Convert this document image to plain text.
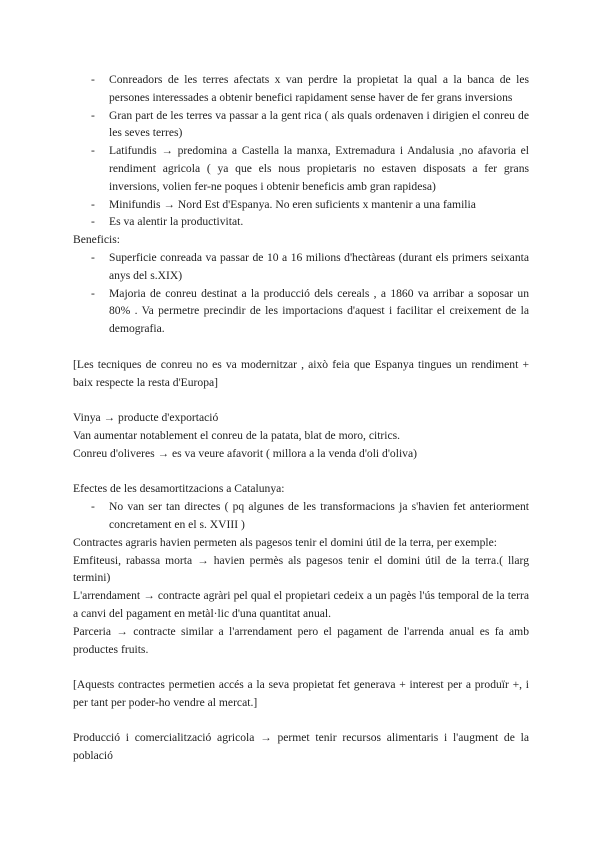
- Conreadors de les terres afectats x van perdre la propietat la qual a la banca de les persones interessades a obtenir benefici rapidament sense haver de fer grans inversions
- Gran part de les terres va passar a la gent rica ( als quals ordenaven i dirigien el conreu de les seves terres)
- Latifundis → predomina a Castella la manxa, Extremadura i Andalusia ,no afavoria el rendiment agricola ( ya que els nous propietaris no estaven disposats a fer grans inversions, volien fer-ne poques i obtenir beneficis amb gran rapidesa)
- Minifundis → Nord Est d'Espanya. No eren suficients x mantenir a una familia
- Es va alentir la productivitat.

Beneficis:

- Superficie conreada va passar de 10 a 16 milions d'hectàreas (durant els primers seixanta anys del s.XIX)
- Majoria de conreu destinat a la producció dels cereals , a 1860 va arribar a soposar un 80% . Va permetre precindir de les importacions d'aquest i facilitar el creixement de la demografia.

[Les tecniques de conreu no es va modernitzar , això feia que Espanya tingues un rendiment + baix respecte la resta d'Europa]

Vinya → producte d'exportació

Van aumentar notablement el conreu de la patata, blat de moro, citrics.

Conreu d'oliveres → es va veure afavorit ( millora a la venda d'oli d'oliva)

Efectes de les desamortitzacions a Catalunya:

- No van ser tan directes ( pq algunes de les transformacions ja s'havien fet anteriorment concretament en el s. XVIII )

Contractes agraris havien permeten als pagesos tenir el domini útil de la terra, per exemple:

Emfiteusi, rabassa morta → havien permès als pagesos tenir el domini útil de la terra.( llarg termini)

L'arrendament → contracte agràri pel qual el propietari cedeix a un pagès l'ús temporal de la terra a canvi del pagament en metàl·lic d'una quantitat anual.

Parceria → contracte similar a l'arrendament pero el pagament de l'arrenda anual es fa amb productes fruits.

[Aquests contractes permetien accés a la seva propietat fet generava + interest per a produïr +, i per tant per poder-ho vendre al mercat.]

Producció i comercialització agricola → permet tenir recursos alimentaris i l'augment de la població
